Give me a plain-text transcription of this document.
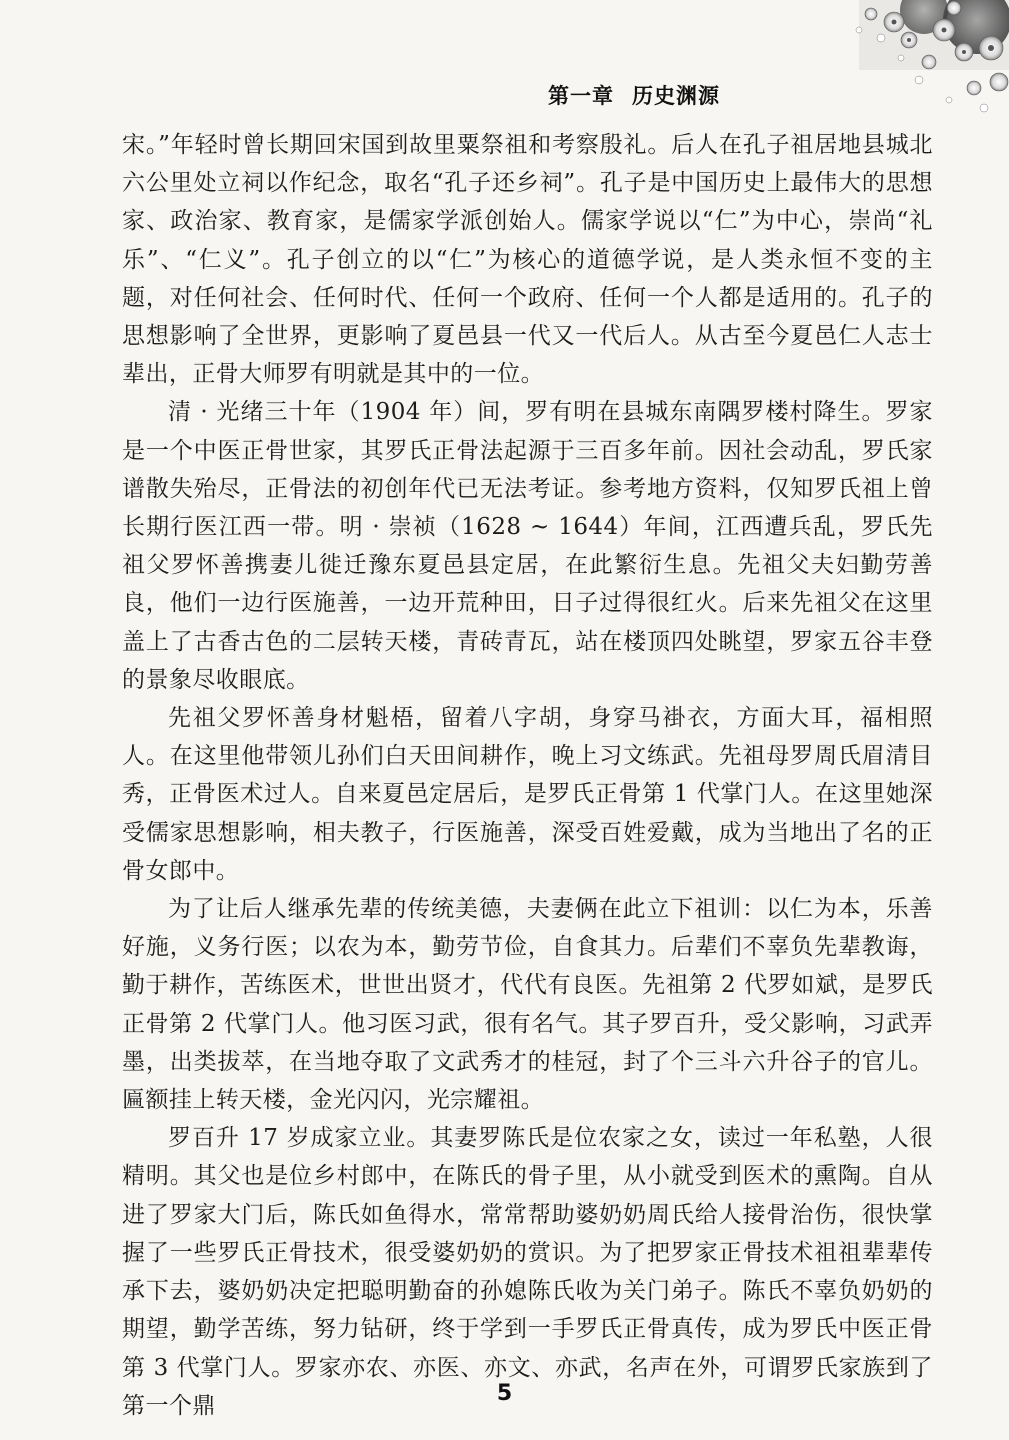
第一章 历史渊源

宋。”年轻时曾长期回宋国到故里粟祭祖和考察殷礼。后人在孔子祖居地县城北六公里处立祠以作纪念，取名“孔子还乡祠”。孔子是中国历史上最伟大的思想家、政治家、教育家，是儒家学派创始人。儒家学说以“仁”为中心，崇尚“礼乐”、“仁义”。孔子创立的以“仁”为核心的道德学说，是人类永恒不变的主题，对任何社会、任何时代、任何一个政府、任何一个人都是适用的。孔子的思想影响了全世界，更影响了夏邑县一代又一代后人。从古至今夏邑仁人志士辈出，正骨大师罗有明就是其中的一位。

清 · 光绪三十年（1904 年）间，罗有明在县城东南隅罗楼村降生。罗家是一个中医正骨世家，其罗氏正骨法起源于三百多年前。因社会动乱，罗氏家谱散失殆尽，正骨法的初创年代已无法考证。参考地方资料，仅知罗氏祖上曾长期行医江西一带。明 · 崇祯（1628 ~ 1644）年间，江西遭兵乱，罗氏先祖父罗怀善携妻儿徙迁豫东夏邑县定居，在此繁衍生息。先祖父夫妇勤劳善良，他们一边行医施善，一边开荒种田，日子过得很红火。后来先祖父在这里盖上了古香古色的二层转天楼，青砖青瓦，站在楼顶四处眺望，罗家五谷丰登的景象尽收眼底。

先祖父罗怀善身材魁梧，留着八字胡，身穿马褂衣，方面大耳，福相照人。在这里他带领儿孙们白天田间耕作，晚上习文练武。先祖母罗周氏眉清目秀，正骨医术过人。自来夏邑定居后，是罗氏正骨第 1 代掌门人。在这里她深受儒家思想影响，相夫教子，行医施善，深受百姓爱戴，成为当地出了名的正骨女郎中。

为了让后人继承先辈的传统美德，夫妻俩在此立下祖训：以仁为本，乐善好施，义务行医；以农为本，勤劳节俭，自食其力。后辈们不辜负先辈教诲，勤于耕作，苦练医术，世世出贤才，代代有良医。先祖第 2 代罗如斌，是罗氏正骨第 2 代掌门人。他习医习武，很有名气。其子罗百升，受父影响，习武弄墨，出类拔萃，在当地夺取了文武秀才的桂冠，封了个三斗六升谷子的官儿。匾额挂上转天楼，金光闪闪，光宗耀祖。

罗百升 17 岁成家立业。其妻罗陈氏是位农家之女，读过一年私塾，人很精明。其父也是位乡村郎中，在陈氏的骨子里，从小就受到医术的熏陶。自从进了罗家大门后，陈氏如鱼得水，常常帮助婆奶奶周氏给人接骨治伤，很快掌握了一些罗氏正骨技术，很受婆奶奶的赏识。为了把罗家正骨技术祖祖辈辈传承下去，婆奶奶决定把聪明勤奋的孙媳陈氏收为关门弟子。陈氏不辜负奶奶的期望，勤学苦练，努力钻研，终于学到一手罗氏正骨真传，成为罗氏中医正骨第 3 代掌门人。罗家亦农、亦医、亦文、亦武，名声在外，可谓罗氏家族到了第一个鼎	5
